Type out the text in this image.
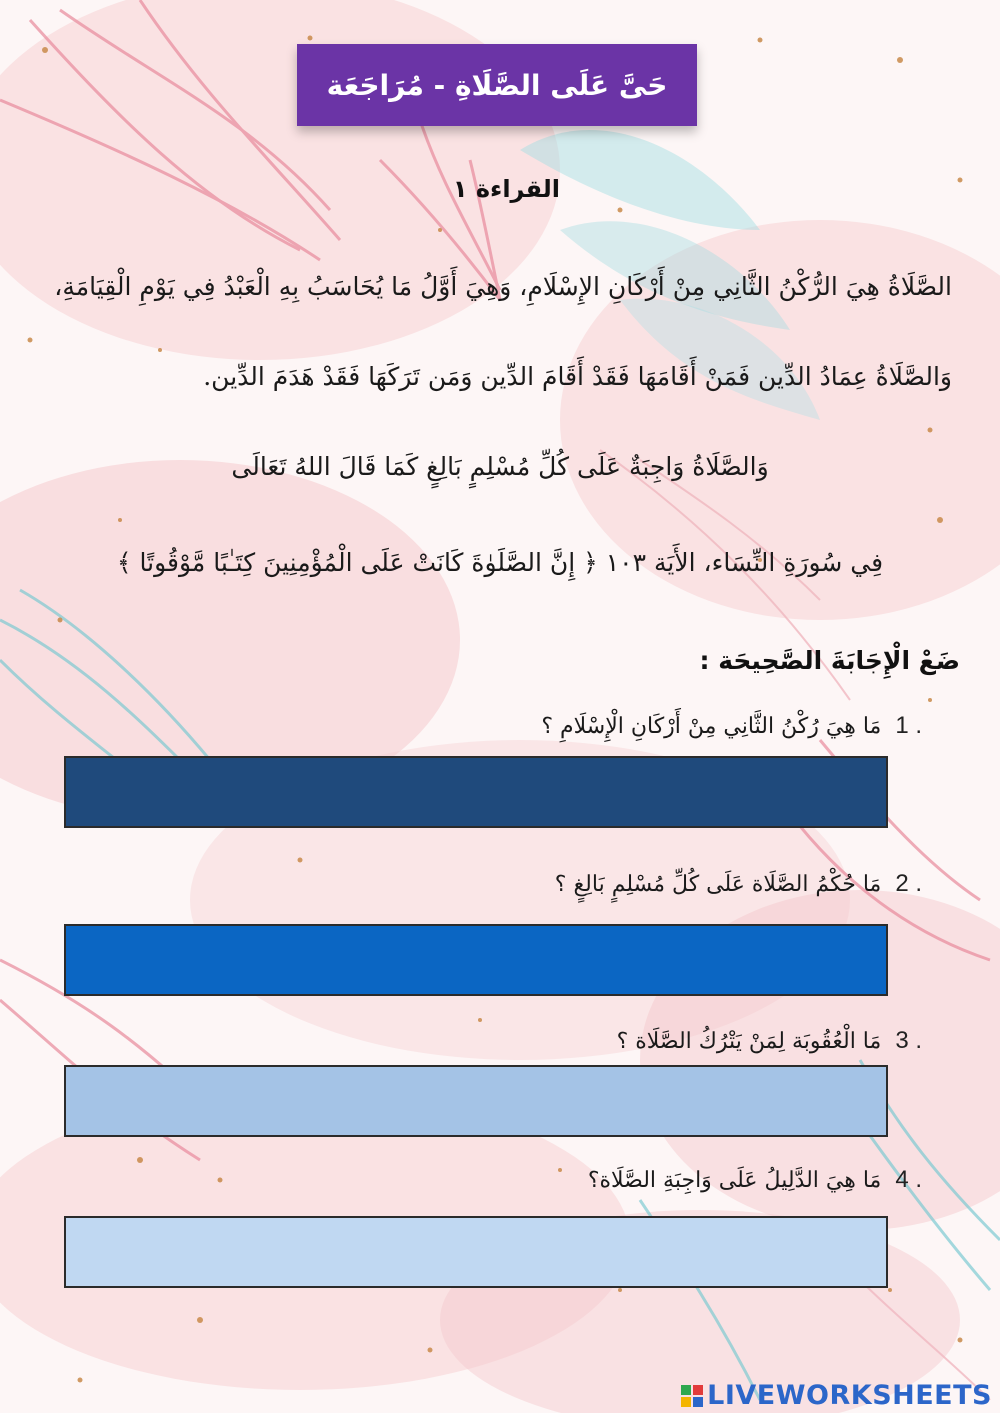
حَىَّ عَلَى الصَّلَاةِ - مُرَاجَعَة
القراءة ١
الصَّلَاةُ هِيَ الرُّكْنُ الثَّانِي مِنْ أَرْكَانِ الإِسْلَامِ، وَهِيَ أَوَّلُ مَا يُحَاسَبُ بِهِ الْعَبْدُ فِي يَوْمِ الْقِيَامَةِ،
وَالصَّلَاةُ عِمَادُ الدِّين فَمَنْ أَقَامَهَا فَقَدْ أَقَامَ الدِّين وَمَن تَرَكَهَا فَقَدْ هَدَمَ الدِّين.
وَالصَّلَاةُ وَاجِبَةٌ عَلَى كُلِّ مُسْلِمٍ بَالِغٍ كَمَا قَالَ اللهُ تَعَالَى
فِي سُورَةِ النِّسَاء، الأَيَة ١٠٣ ﴿ إِنَّ الصَّلَوٰةَ كَانَتْ عَلَى الْمُؤْمِنِينَ كِتَـٰبًا مَّوْقُوتًا ﴾
ضَعْ الْإِجَابَةَ الصَّحِيحَة :
1 .
مَا هِيَ رُكْنُ الثَّانِي مِنْ أَرْكَانِ الْإِسْلَامِ ؟
2 .
مَا حُكْمُ الصَّلَاة عَلَى كُلِّ مُسْلِمٍ بَالِغٍ ؟
3 .
مَا الْعُقُوبَة لِمَنْ يَتْرُكُ الصَّلَاة ؟
4 .
مَا هِيَ الدَّلِيلُ عَلَى وَاجِبَةِ الصَّلَاة؟
LIVEWORKSHEETS
